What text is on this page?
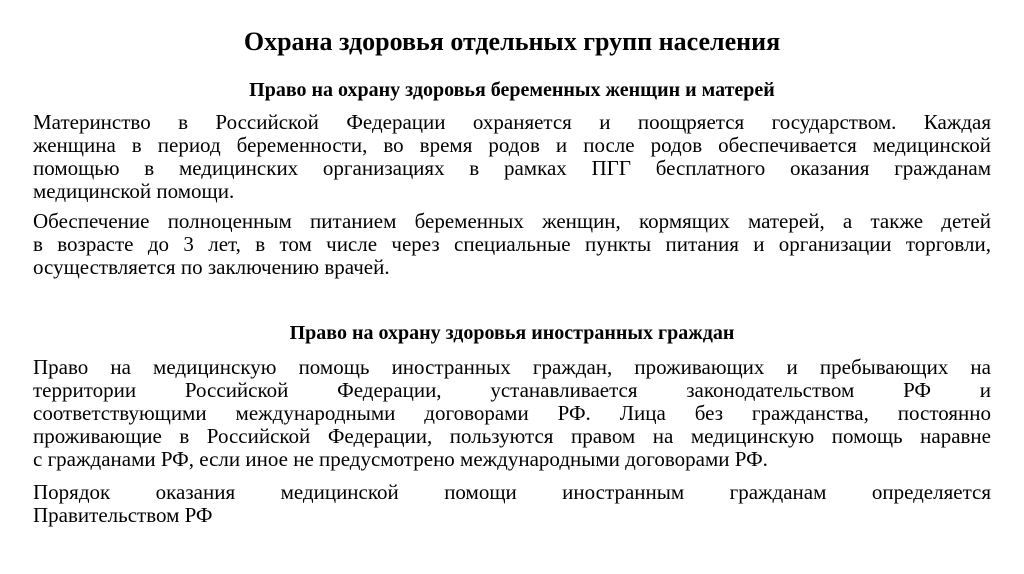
Охрана здоровья отдельных групп населения
Право на охрану здоровья беременных женщин и матерей
Материнство в Российской Федерации охраняется и поощряется государством. Каждая
женщина в период беременности, во время родов и после родов обеспечивается медицинской
помощью в медицинских организациях в рамках ПГГ бесплатного оказания гражданам
медицинской помощи.
Обеспечение полноценным питанием беременных женщин, кормящих матерей, а также детей
в возрасте до 3 лет, в том числе через специальные пункты питания и организации торговли,
осуществляется по заключению врачей.
Право на охрану здоровья иностранных граждан
Право на медицинскую помощь иностранных граждан, проживающих и пребывающих на
территории Российской Федерации, устанавливается законодательством РФ и
соответствующими международными договорами РФ. Лица без гражданства, постоянно
проживающие в Российской Федерации, пользуются правом на медицинскую помощь наравне
с гражданами РФ, если иное не предусмотрено международными договорами РФ.
Порядок оказания медицинской помощи иностранным гражданам определяется
Правительством РФ
